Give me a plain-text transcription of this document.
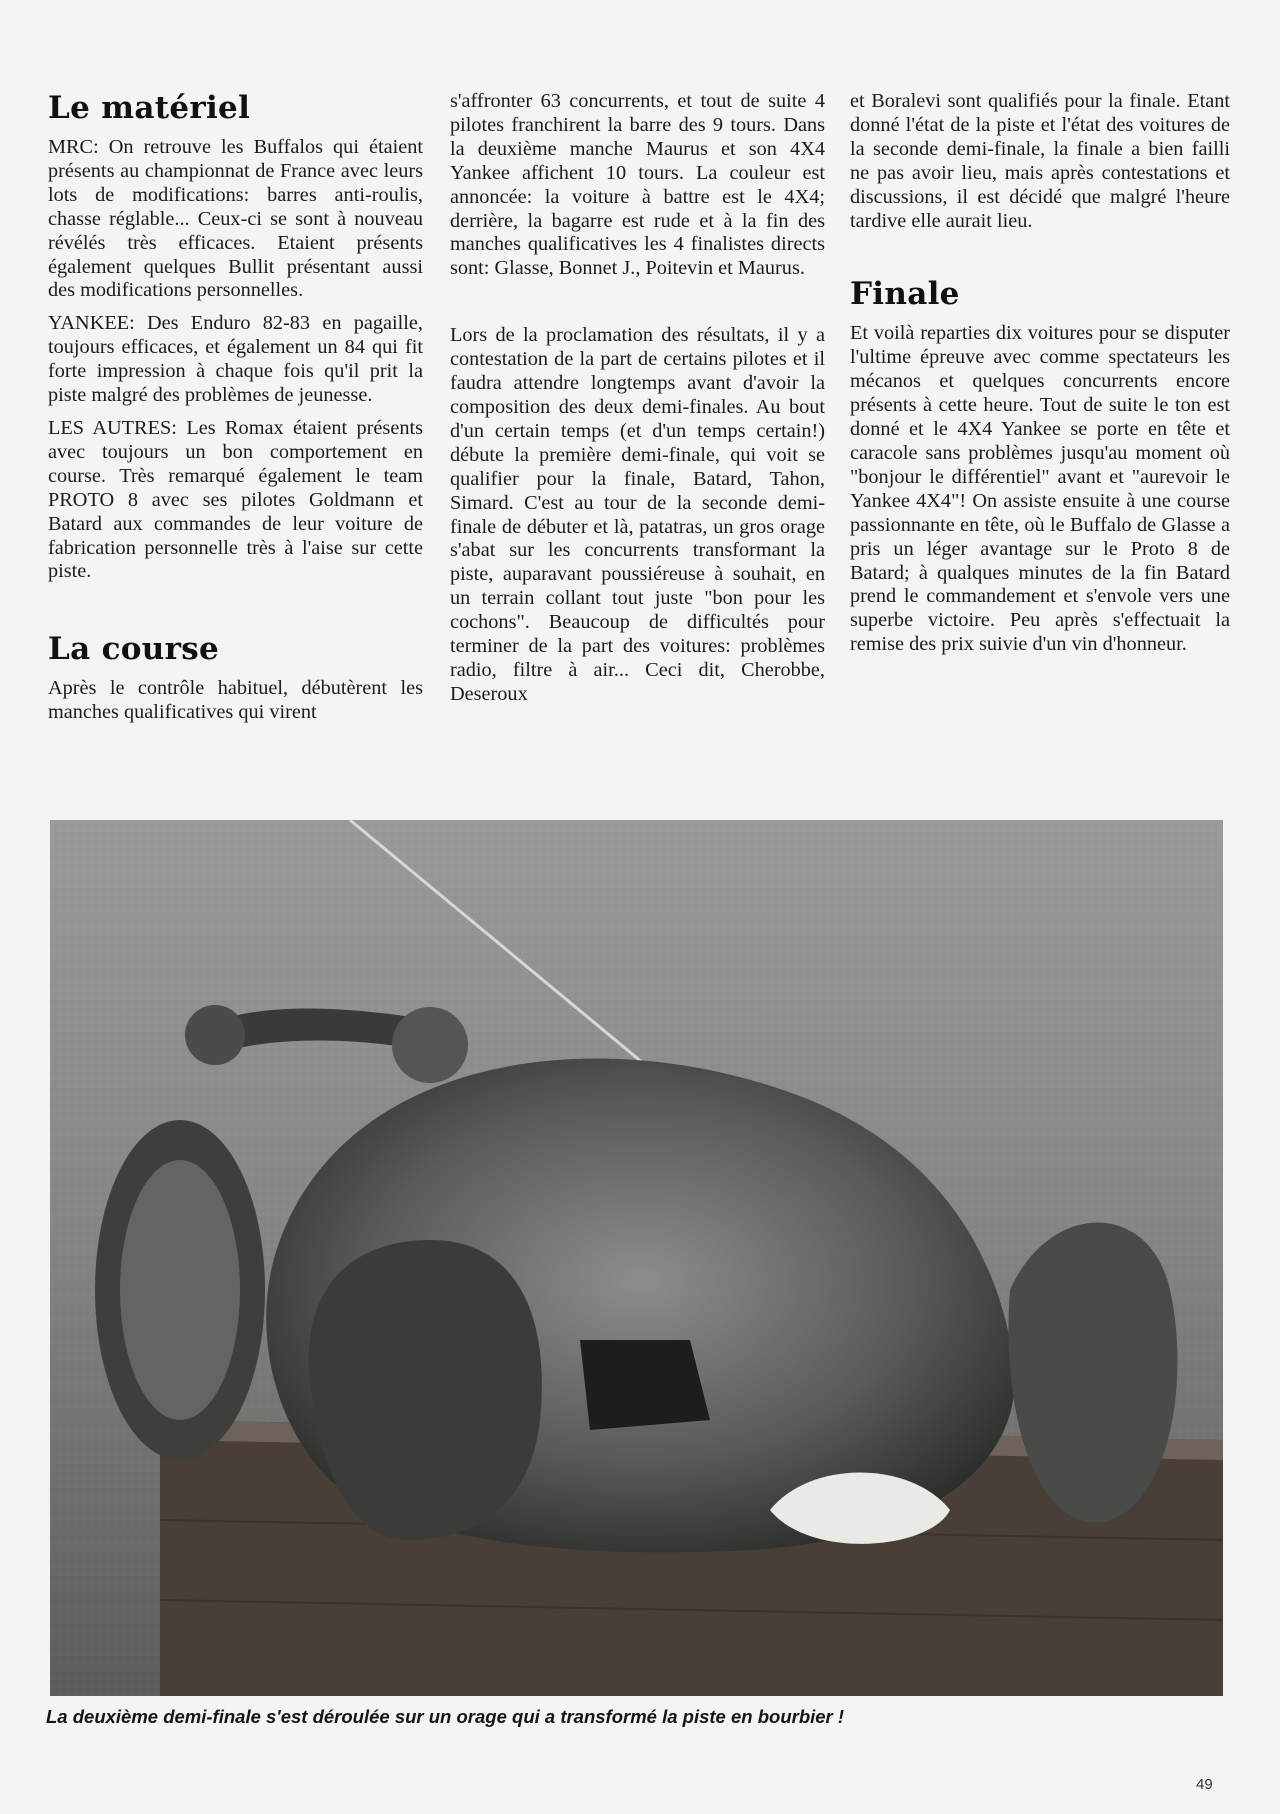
Le matériel

MRC: On retrouve les Buffalos qui étaient présents au championnat de France avec leurs lots de modifications: barres anti-roulis, chasse réglable... Ceux-ci se sont à nouveau révélés très efficaces. Etaient présents également quelques Bullit présentant aussi des modifications personnelles.

YANKEE: Des Enduro 82-83 en pagaille, toujours efficaces, et également un 84 qui fit forte impression à chaque fois qu'il prit la piste malgré des problèmes de jeunesse.

LES AUTRES: Les Romax étaient présents avec toujours un bon comportement en course. Très remarqué également le team PROTO 8 avec ses pilotes Goldmann et Batard aux commandes de leur voiture de fabrication personnelle très à l'aise sur cette piste.

La course

Après le contrôle habituel, débutèrent les manches qualificatives qui virent

s'affronter 63 concurrents, et tout de suite 4 pilotes franchirent la barre des 9 tours. Dans la deuxième manche Maurus et son 4X4 Yankee affichent 10 tours. La couleur est annoncée: la voiture à battre est le 4X4; derrière, la bagarre est rude et à la fin des manches qualificatives les 4 finalistes directs sont: Glasse, Bonnet J., Poitevin et Maurus.

Lors de la proclamation des résultats, il y a contestation de la part de certains pilotes et il faudra attendre longtemps avant d'avoir la composition des deux demi-finales. Au bout d'un certain temps (et d'un temps certain!) débute la première demi-finale, qui voit se qualifier pour la finale, Batard, Tahon, Simard. C'est au tour de la seconde demi-finale de débuter et là, patatras, un gros orage s'abat sur les concurrents transformant la piste, auparavant poussiéreuse à souhait, en un terrain collant tout juste "bon pour les cochons". Beaucoup de difficultés pour terminer de la part des voitures: problèmes radio, filtre à air... Ceci dit, Cherobbe, Deseroux

et Boralevi sont qualifiés pour la finale. Etant donné l'état de la piste et l'état des voitures de la seconde demi-finale, la finale a bien failli ne pas avoir lieu, mais après contestations et discussions, il est décidé que malgré l'heure tardive elle aurait lieu.

Finale

Et voilà reparties dix voitures pour se disputer l'ultime épreuve avec comme spectateurs les mécanos et quelques concurrents encore présents à cette heure. Tout de suite le ton est donné et le 4X4 Yankee se porte en tête et caracole sans problèmes jusqu'au moment où "bonjour le différentiel" avant et "aurevoir le Yankee 4X4"! On assiste ensuite à une course passionnante en tête, où le Buffalo de Glasse a pris un léger avantage sur le Proto 8 de Batard; à qualques minutes de la fin Batard prend le commandement et s'envole vers une superbe victoire. Peu après s'effectuait la remise des prix suivie d'un vin d'honneur.

La deuxième demi-finale s'est déroulée sur un orage qui a transformé la piste en bourbier !
49
